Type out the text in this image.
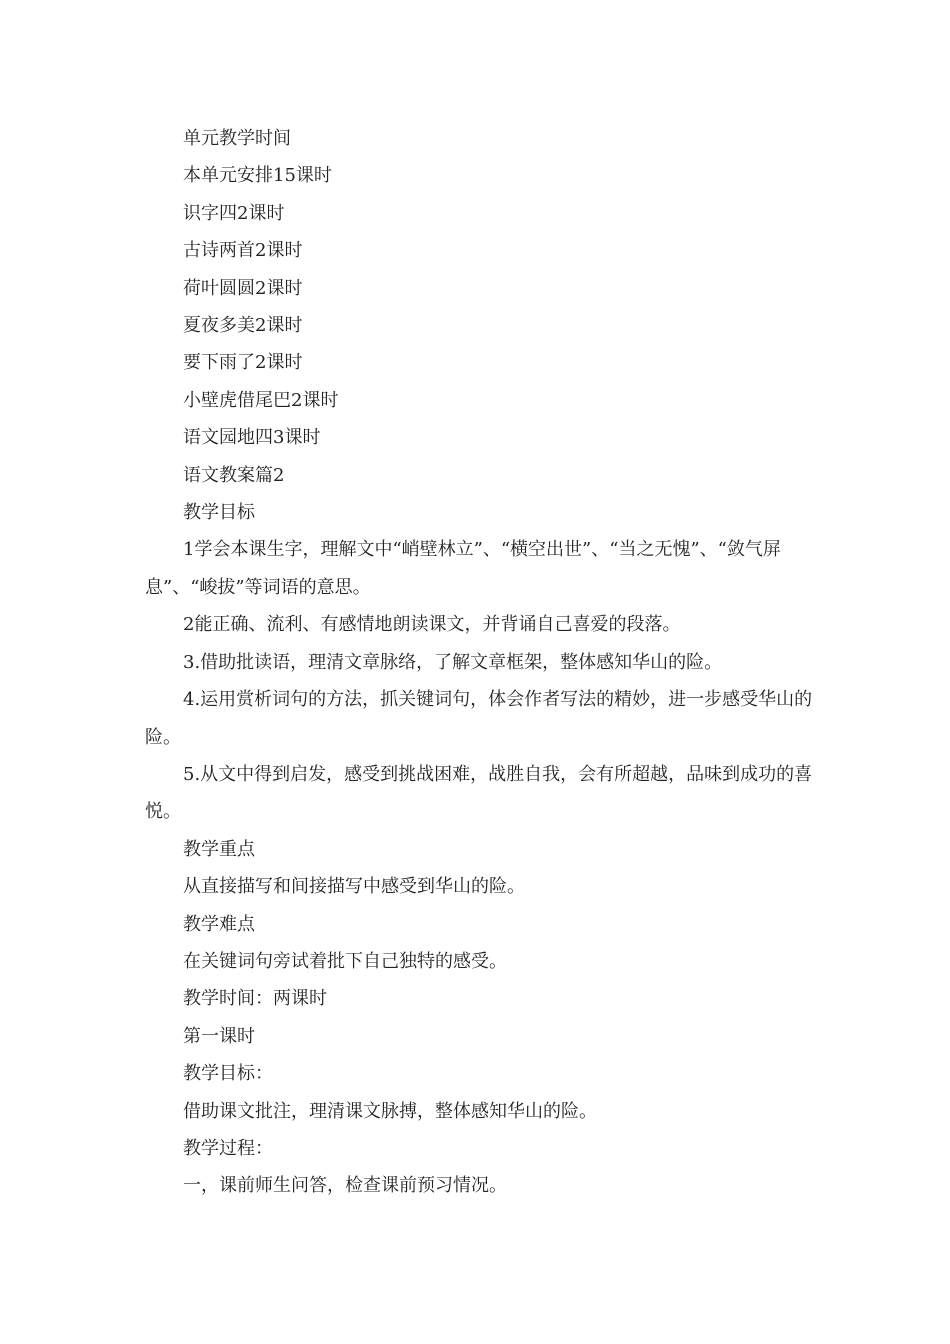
单元教学时间

本单元安排15课时

识字四2课时

古诗两首2课时

荷叶圆圆2课时

夏夜多美2课时

要下雨了2课时

小壁虎借尾巴2课时

语文园地四3课时

语文教案篇2

教学目标

1学会本课生字，理解文中“峭壁林立”、“横空出世”、“当之无愧”、“敛气屏息”、“峻拔”等词语的意思。

2能正确、流利、有感情地朗读课文，并背诵自己喜爱的段落。

3.借助批读语，理清文章脉络，了解文章框架，整体感知华山的险。

4.运用赏析词句的方法，抓关键词句，体会作者写法的精妙，进一步感受华山的险。

5.从文中得到启发，感受到挑战困难，战胜自我，会有所超越，品味到成功的喜悦。

教学重点

从直接描写和间接描写中感受到华山的险。

教学难点

在关键词句旁试着批下自己独特的感受。

教学时间：两课时

第一课时

教学目标：

借助课文批注，理清课文脉搏，整体感知华山的险。

教学过程：

一，课前师生问答，检查课前预习情况。
